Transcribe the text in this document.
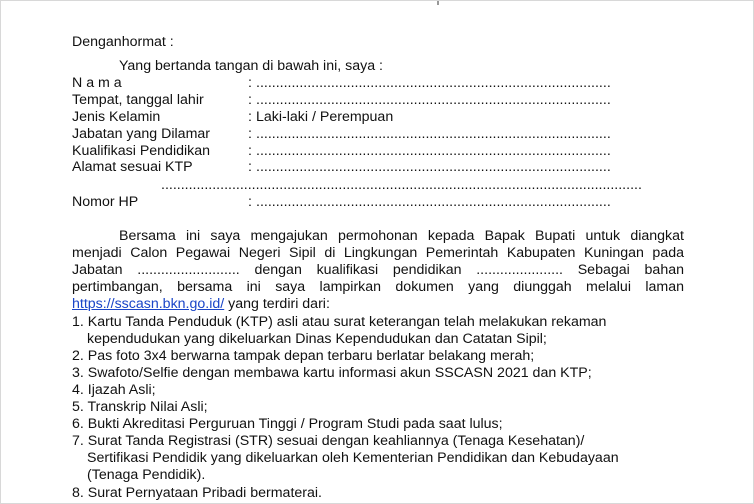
Denganhormat :
Yang bertanda tangan di bawah ini, saya :
N a m a	: ..........................................................................................
Tempat, tanggal lahir	: ..........................................................................................
Jenis Kelamin	: Laki-laki / Perempuan
Jabatan yang Dilamar	: ..........................................................................................
Kualifikasi Pendidikan	: ..........................................................................................
Alamat sesuai KTP	: ..........................................................................................
..........................................................................................................................
Nomor HP	: ..........................................................................................
Bersama ini saya mengajukan permohonan kepada Bapak Bupati untuk diangkat
menjadi Calon Pegawai Negeri Sipil di Lingkungan Pemerintah Kabupaten Kuningan pada
Jabatan .......................... dengan kualifikasi pendidikan ...................... Sebagai bahan
pertimbangan, bersama ini saya lampirkan dokumen yang diunggah melalui laman
https://sscasn.bkn.go.id/ yang terdiri dari:
1. Kartu Tanda Penduduk (KTP) asli atau surat keterangan telah melakukan rekaman
kependudukan yang dikeluarkan Dinas Kependudukan dan Catatan Sipil;
2. Pas foto 3x4 berwarna tampak depan terbaru berlatar belakang merah;
3. Swafoto/Selfie dengan membawa kartu informasi akun SSCASN 2021 dan KTP;
4. Ijazah Asli;
5. Transkrip Nilai Asli;
6. Bukti Akreditasi Perguruan Tinggi / Program Studi pada saat lulus;
7. Surat Tanda Registrasi (STR) sesuai dengan keahliannya (Tenaga Kesehatan)/
Sertifikasi Pendidik yang dikeluarkan oleh Kementerian Pendidikan dan Kebudayaan
(Tenaga Pendidik).
8. Surat Pernyataan Pribadi bermaterai.
